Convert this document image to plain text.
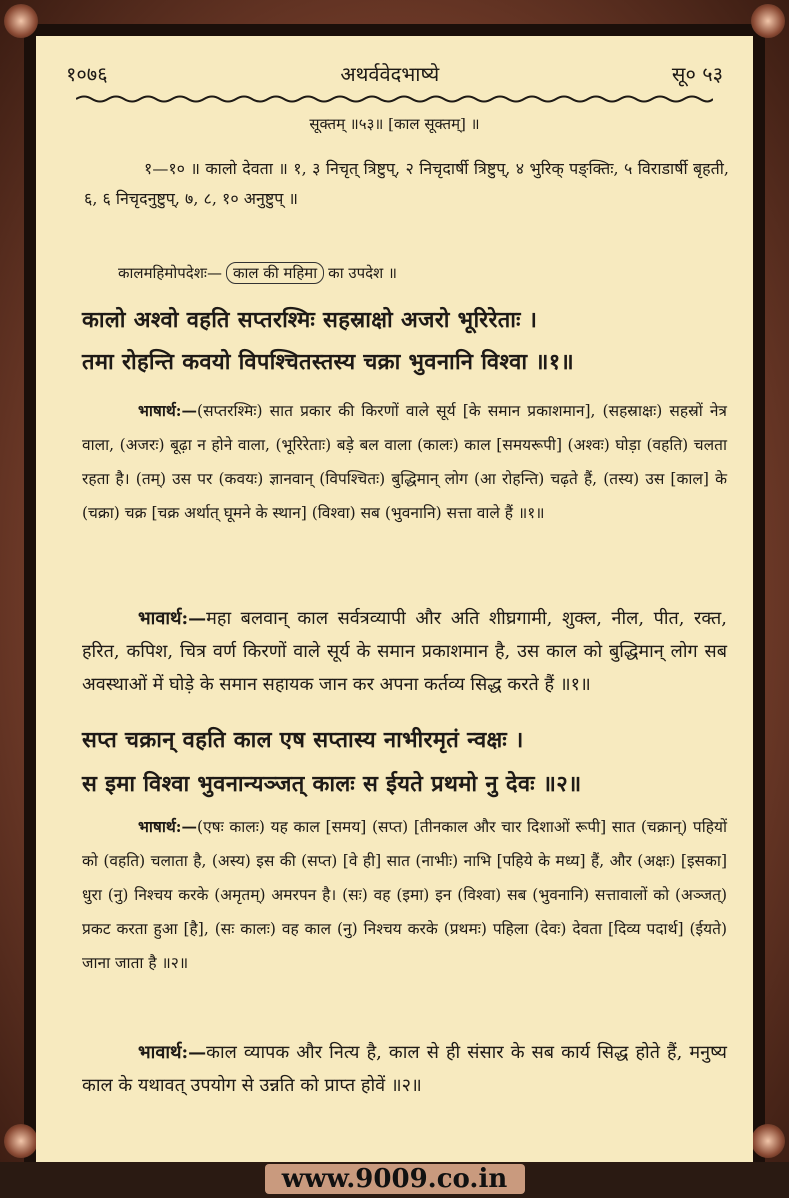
१०७६	अथर्ववेदभाष्ये	सू० ५३
सूक्तम् ॥५३॥ [काल सूक्तम्] ॥
१—१० ॥ कालो देवता ॥ १, ३ निचृत् त्रिष्टुप्, २ निचृदार्षी त्रिष्टुप्, ४ भुरिक् पङ्क्तिः, ५ विराडार्षी बृहती, ६, ६ निचृदनुष्टुप्, ७, ८, १० अनुष्टुप् ॥
कालमहिमोपदेशः— काल की महिमा का उपदेश ॥
कालो अश्वो वहति सप्तरश्मिः सहस्राक्षो अजरो भूरिरेताः ।
तमा रोहन्ति कवयो विपश्चितस्तस्य चक्रा भुवनानि विश्वा ॥१॥
भाषार्थ:—(सप्तरश्मिः) सात प्रकार की किरणों वाले सूर्य [के समान प्रकाशमान], (सहस्राक्षः) सहस्रों नेत्र वाला, (अजरः) बूढ़ा न होने वाला, (भूरिरेताः) बड़े बल वाला (कालः) काल [समयरूपी] (अश्वः) घोड़ा (वहति) चलता रहता है। (तम्) उस पर (कवयः) ज्ञानवान् (विपश्चितः) बुद्धिमान् लोग (आ रोहन्ति) चढ़ते हैं, (तस्य) उस [काल] के (चक्रा) चक्र [चक्र अर्थात् घूमने के स्थान] (विश्वा) सब (भुवनानि) सत्ता वाले हैं ॥१॥
भावार्थ:—महा बलवान् काल सर्वत्रव्यापी और अति शीघ्रगामी, शुक्ल, नील, पीत, रक्त, हरित, कपिश, चित्र वर्ण किरणों वाले सूर्य के समान प्रकाशमान है, उस काल को बुद्धिमान् लोग सब अवस्थाओं में घोड़े के समान सहायक जान कर अपना कर्तव्य सिद्ध करते हैं ॥१॥
सप्त चक्रान् वहति काल एष सप्तास्य नाभीरमृतं न्वक्षः ।
स इमा विश्वा भुवनान्यञ्जत् कालः स ईयते प्रथमो नु देवः ॥२॥
भाषार्थ:—(एषः कालः) यह काल [समय] (सप्त) [तीनकाल और चार दिशाओं रूपी] सात (चक्रान्) पहियों को (वहति) चलाता है, (अस्य) इस की (सप्त) [वे ही] सात (नाभीः) नाभि [पहिये के मध्य] हैं, और (अक्षः) [इसका] धुरा (नु) निश्चय करके (अमृतम्) अमरपन है। (सः) वह (इमा) इन (विश्वा) सब (भुवनानि) सत्तावालों को (अञ्जत्) प्रकट करता हुआ [है], (सः कालः) वह काल (नु) निश्चय करके (प्रथमः) पहिला (देवः) देवता [दिव्य पदार्थ] (ईयते) जाना जाता है ॥२॥
भावार्थ:—काल व्यापक और नित्य है, काल से ही संसार के सब कार्य सिद्ध होते हैं, मनुष्य काल के यथावत् उपयोग से उन्नति को प्राप्त होवें ॥२॥
www.9009.co.in
